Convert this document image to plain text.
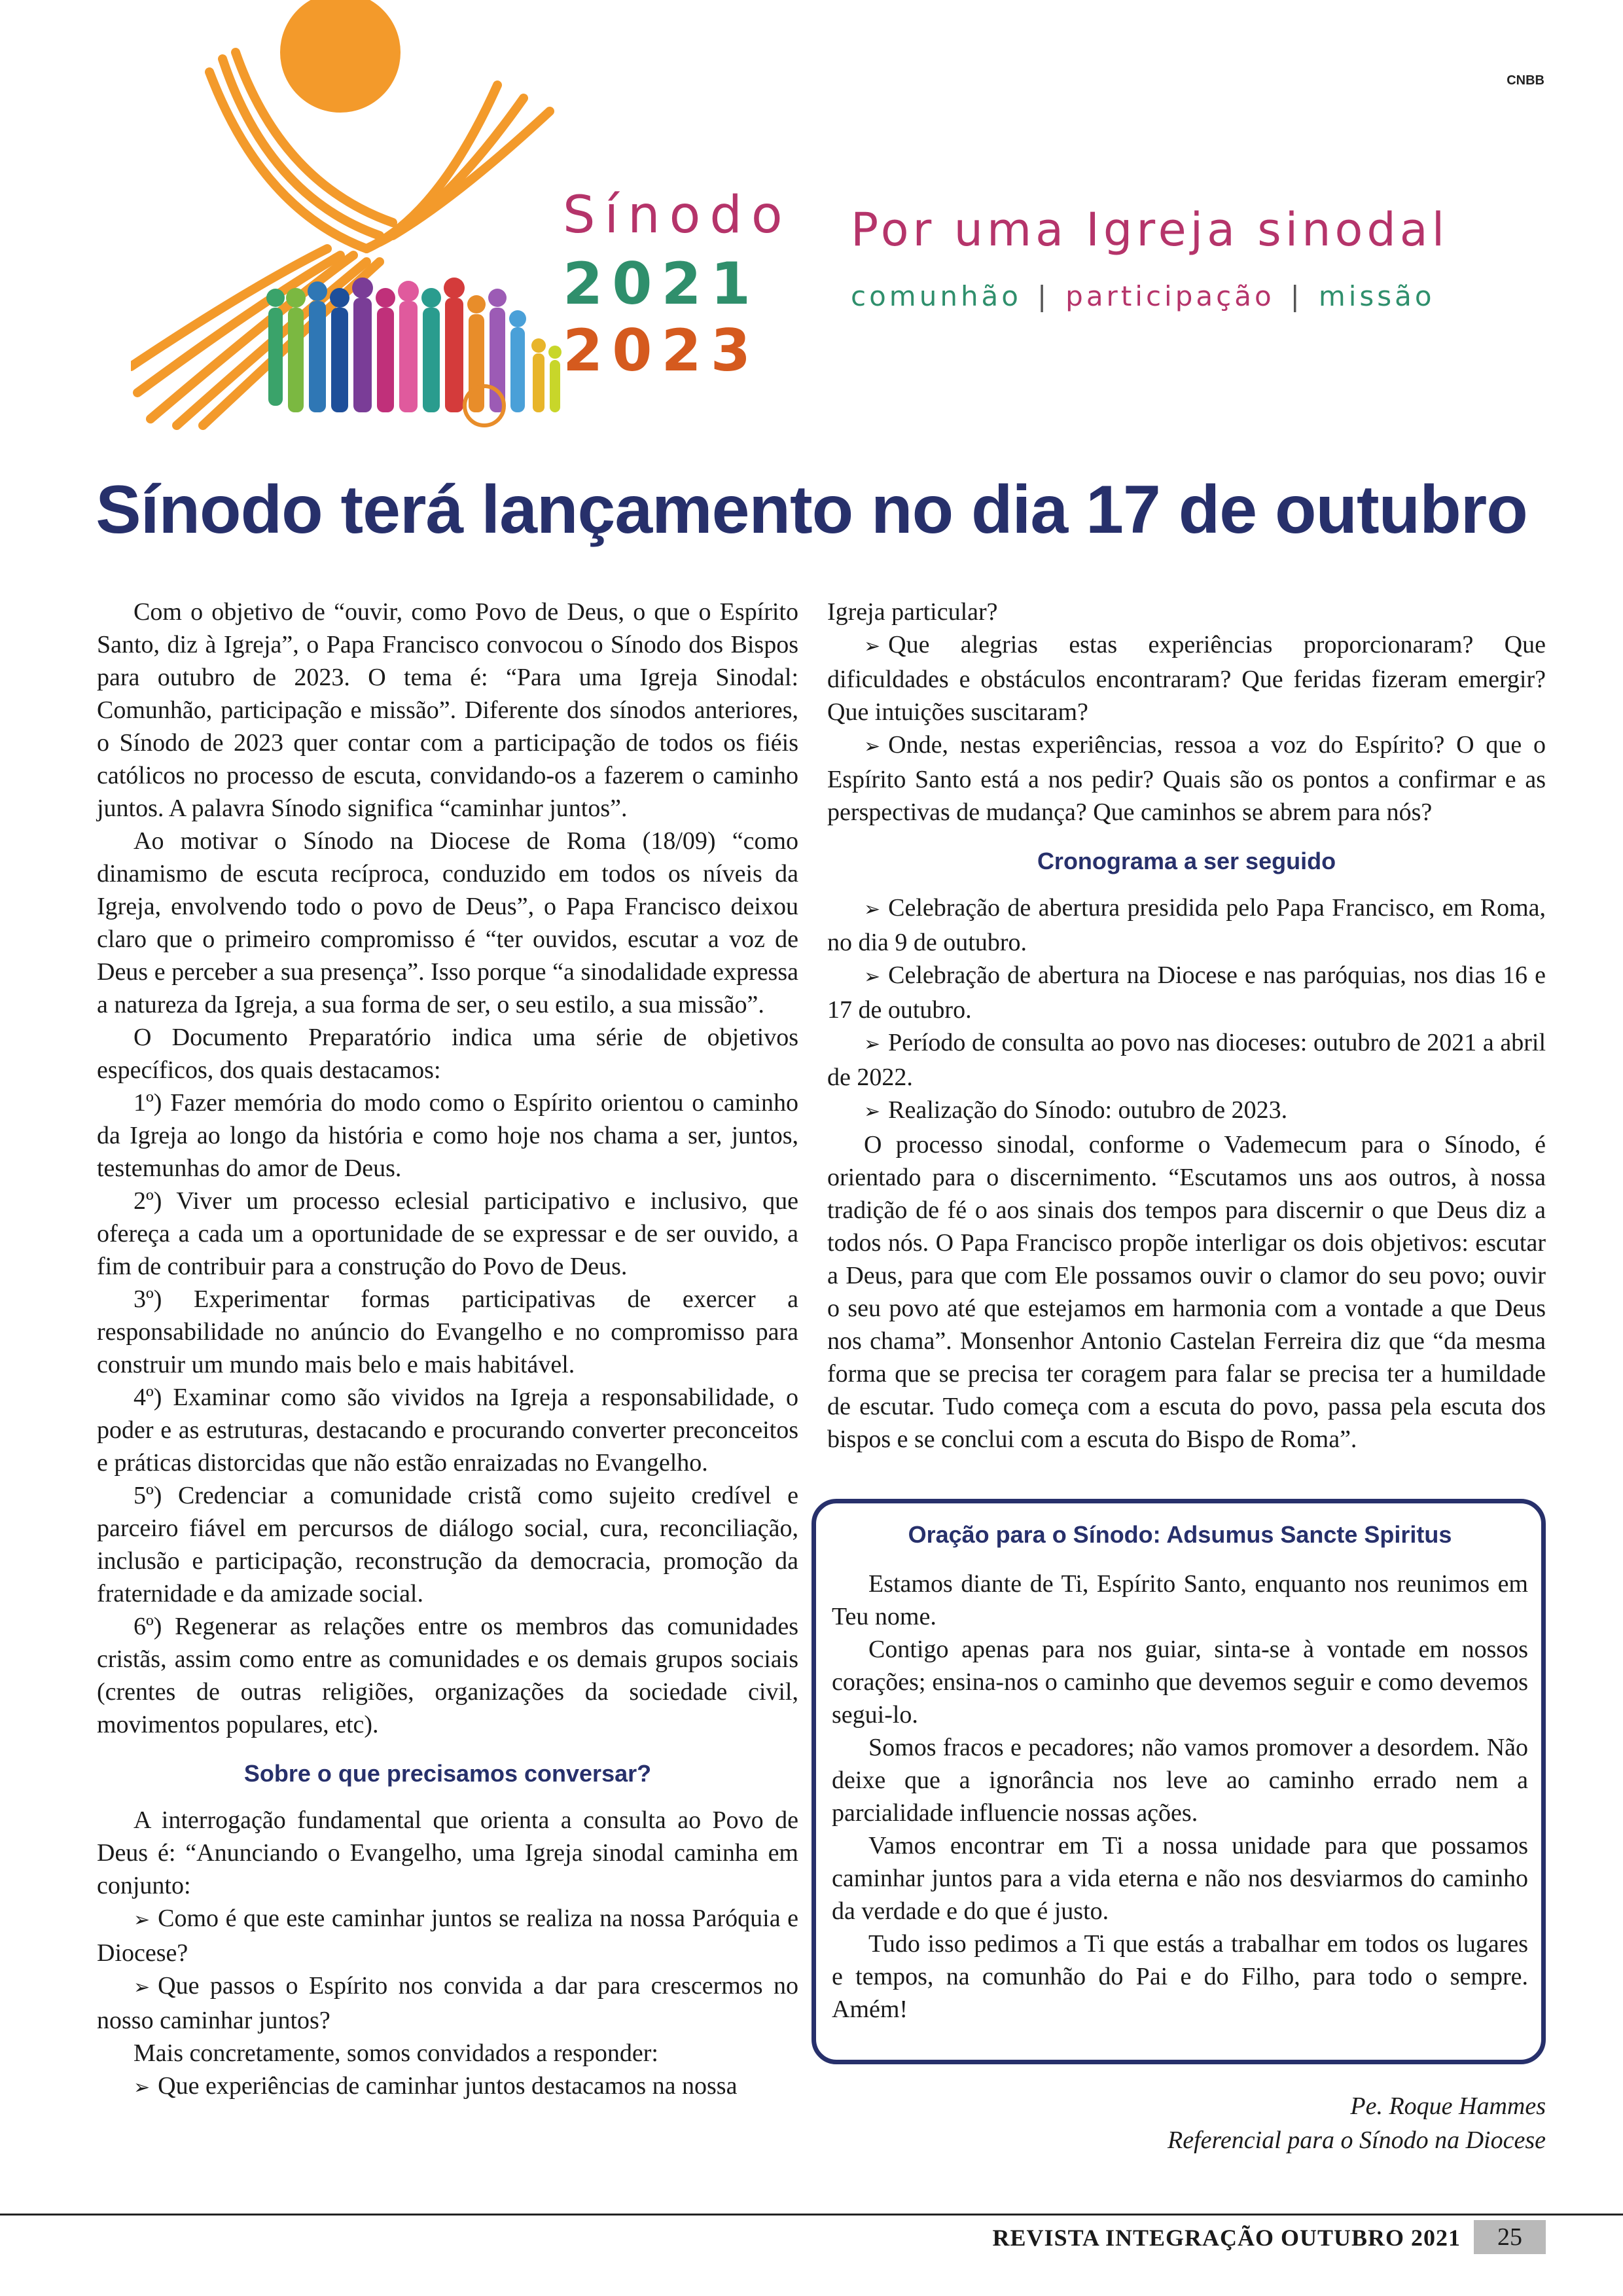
Sínodo
2021
2023
Por uma Igreja sinodal
comunhão | participação | missão
CNBB
Sínodo terá lançamento no dia 17 de outubro

Com o objetivo de “ouvir, como Povo de Deus, o que o Espírito Santo, diz à Igreja”, o Papa Francisco convocou o Sínodo dos Bispos para outubro de 2023. O tema é: “Para uma Igreja Sinodal: Comunhão, participação e missão”. Diferente dos sínodos anteriores, o Sínodo de 2023 quer contar com a participação de todos os fiéis católicos no processo de escuta, convidando-os a fazerem o caminho juntos. A palavra Sínodo significa “caminhar juntos”.

Ao motivar o Sínodo na Diocese de Roma (18/09) “como dinamismo de escuta recíproca, conduzido em todos os níveis da Igreja, envolvendo todo o povo de Deus”, o Papa Francisco deixou claro que o primeiro compromisso é “ter ouvidos, escutar a voz de Deus e perceber a sua presença”. Isso porque “a sinodalidade expressa a natureza da Igreja, a sua forma de ser, o seu estilo, a sua missão”.

O Documento Preparatório indica uma série de objetivos específicos, dos quais destacamos:

1º) Fazer memória do modo como o Espírito orientou o caminho da Igreja ao longo da história e como hoje nos chama a ser, juntos, testemunhas do amor de Deus.

2º) Viver um processo eclesial participativo e inclusivo, que ofereça a cada um a oportunidade de se expressar e de ser ouvido, a fim de contribuir para a construção do Povo de Deus.

3º) Experimentar formas participativas de exercer a responsabilidade no anúncio do Evangelho e no compromisso para construir um mundo mais belo e mais habitável.

4º) Examinar como são vividos na Igreja a responsabilidade, o poder e as estruturas, destacando e procurando converter preconceitos e práticas distorcidas que não estão enraizadas no Evangelho.

5º) Credenciar a comunidade cristã como sujeito credível e parceiro fiável em percursos de diálogo social, cura, reconciliação, inclusão e participação, reconstrução da democracia, promoção da fraternidade e da amizade social.

6º) Regenerar as relações entre os membros das comunidades cristãs, assim como entre as comunidades e os demais grupos sociais (crentes de outras religiões, organizações da sociedade civil, movimentos populares, etc).

Sobre o que precisamos conversar?

A interrogação fundamental que orienta a consulta ao Povo de Deus é: “Anunciando o Evangelho, uma Igreja sinodal caminha em conjunto:

➢ Como é que este caminhar juntos se realiza na nossa Paróquia e Diocese?

➢ Que passos o Espírito nos convida a dar para crescermos no nosso caminhar juntos?

Mais concretamente, somos convidados a responder:

➢ Que experiências de caminhar juntos destacamos na nossa

Igreja particular?

➢ Que alegrias estas experiências proporcionaram? Que dificuldades e obstáculos encontraram? Que feridas fizeram emergir? Que intuições suscitaram?

➢ Onde, nestas experiências, ressoa a voz do Espírito? O que o Espírito Santo está a nos pedir? Quais são os pontos a confirmar e as perspectivas de mudança? Que caminhos se abrem para nós?

Cronograma a ser seguido

➢ Celebração de abertura presidida pelo Papa Francisco, em Roma, no dia 9 de outubro.

➢ Celebração de abertura na Diocese e nas paróquias, nos dias 16 e 17 de outubro.

➢ Período de consulta ao povo nas dioceses: outubro de 2021 a abril de 2022.

➢ Realização do Sínodo: outubro de 2023.

O processo sinodal, conforme o Vademecum para o Sínodo, é orientado para o discernimento. “Escutamos uns aos outros, à nossa tradição de fé o aos sinais dos tempos para discernir o que Deus diz a todos nós. O Papa Francisco propõe interligar os dois objetivos: escutar a Deus, para que com Ele possamos ouvir o clamor do seu povo; ouvir o seu povo até que estejamos em harmonia com a vontade a que Deus nos chama”. Monsenhor Antonio Castelan Ferreira diz que “da mesma forma que se precisa ter coragem para falar se precisa ter a humildade de escutar. Tudo começa com a escuta do povo, passa pela escuta dos bispos e se conclui com a escuta do Bispo de Roma”.

Oração para o Sínodo: Adsumus Sancte Spiritus

Estamos diante de Ti, Espírito Santo, enquanto nos reunimos em Teu nome.

Contigo apenas para nos guiar, sinta-se à vontade em nossos corações; ensina-nos o caminho que devemos seguir e como devemos segui-lo.

Somos fracos e pecadores; não vamos promover a desordem. Não deixe que a ignorância nos leve ao caminho errado nem a parcialidade influencie nossas ações.

Vamos encontrar em Ti a nossa unidade para que possamos caminhar juntos para a vida eterna e não nos desviarmos do caminho da verdade e do que é justo.

Tudo isso pedimos a Ti que estás a trabalhar em todos os lugares e tempos, na comunhão do Pai e do Filho, para todo o sempre. Amém!

Pe. Roque Hammes
Referencial para o Sínodo na Diocese
REVISTA INTEGRAÇÃO OUTUBRO 2021	25
